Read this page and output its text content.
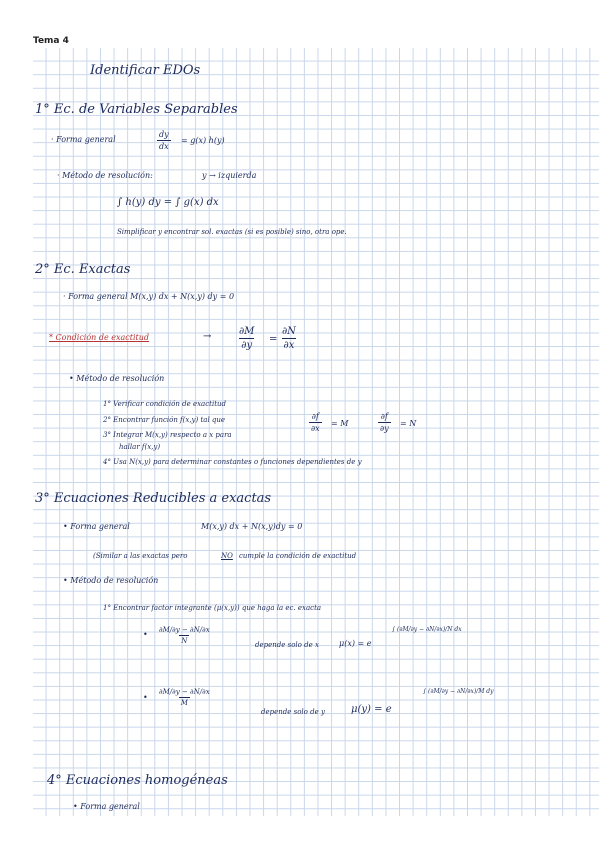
Tema 4
Identificar EDOs
1° Ec. de Variables Separables
· Forma general	$\frac{dy}{dx} = g(x)$ h(y)
· Método de resolución:	y → izquierda
∫ h(y) dy = ∫ g(x) dx
Simplificar y encontrar sol. exactas (si es posible) sino, otra ope.
2° Ec. Exactas
· Forma general M(x,y) dx + N(x,y) dy = 0
* Condición de exactitud	→	$\frac{\partial M}{\partial y} = \frac{\partial N}{\partial x}$
• Método de resolución
1° Verificar condición de exactitud
2° Encontrar función f(x,y) tal que
3° Integrar M(x,y) respecto a x para
hallar f(x,y)
4° Usa N(x,y) para determinar constantes o funciones dependientes de y
$\frac{\partial f}{\partial x} = M$	$\frac{\partial f}{\partial y} = N$
3° Ecuaciones Reducibles a exactas
• Forma general	M(x,y) dx + N(x,y)dy = 0
(Similar a las exactas pero	NO cumple la condición de exactitud
• Método de resolución
1° Encontrar factor integrante (μ(x,y)) que haga la ec. exacta
• $\frac{\partial M/\partial y - \partial N/\partial x}{N}$	depende solo de x	μ(x) = e
∫ (∂M/∂y − ∂N/∂x)/N dx
• $\frac{\partial M/\partial y - \partial N/\partial x}{M}$
depende solo de y	μ(y) = e
∫ (∂M/∂y − ∂N/∂x)/M dy
4° Ecuaciones homogéneas
• Forma general
